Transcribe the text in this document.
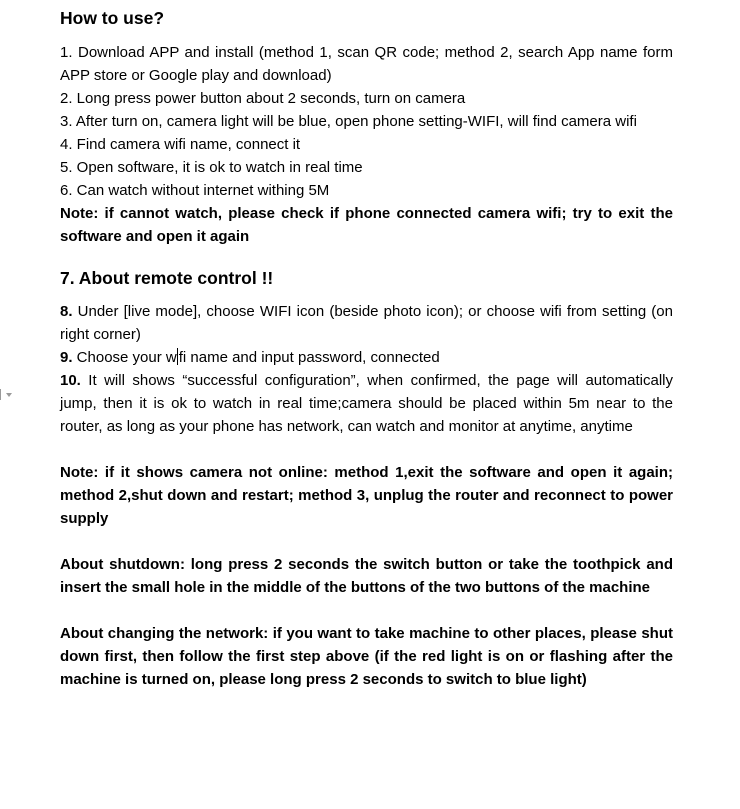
How to use?

1. Download APP and install (method 1, scan QR code; method 2, search App name form APP store or Google play and download)

2. Long press power button about 2 seconds, turn on camera

3. After turn on, camera light will be blue, open phone setting-WIFI, will find camera wifi

4. Find camera wifi name, connect it

5. Open software, it is ok to watch in real time

6. Can watch without internet withing 5M

Note: if cannot watch, please check if phone connected camera wifi; try to exit the software and open it again

7. About remote control !!

8. Under [live mode], choose WIFI icon (beside photo icon); or choose wifi from setting (on right corner)

9. Choose your w fi name and input password, connected

10. It will shows “successful configuration”, when confirmed, the page will automatically jump, then it is ok to watch in real time;camera should be placed within 5m near to the router, as long as your phone has network, can watch and monitor at anytime, anytime

Note: if it shows camera not online: method 1,exit the software and open it again; method 2,shut down and restart; method 3, unplug the router and reconnect to power supply

About shutdown: long press 2 seconds the switch button or take the toothpick and insert the small hole in the middle of the buttons of the two buttons of the machine

About changing the network: if you want to take machine to other places, please shut down first, then follow the first step above (if the red light is on or flashing after the machine is turned on, please long press 2 seconds to switch to blue light)
